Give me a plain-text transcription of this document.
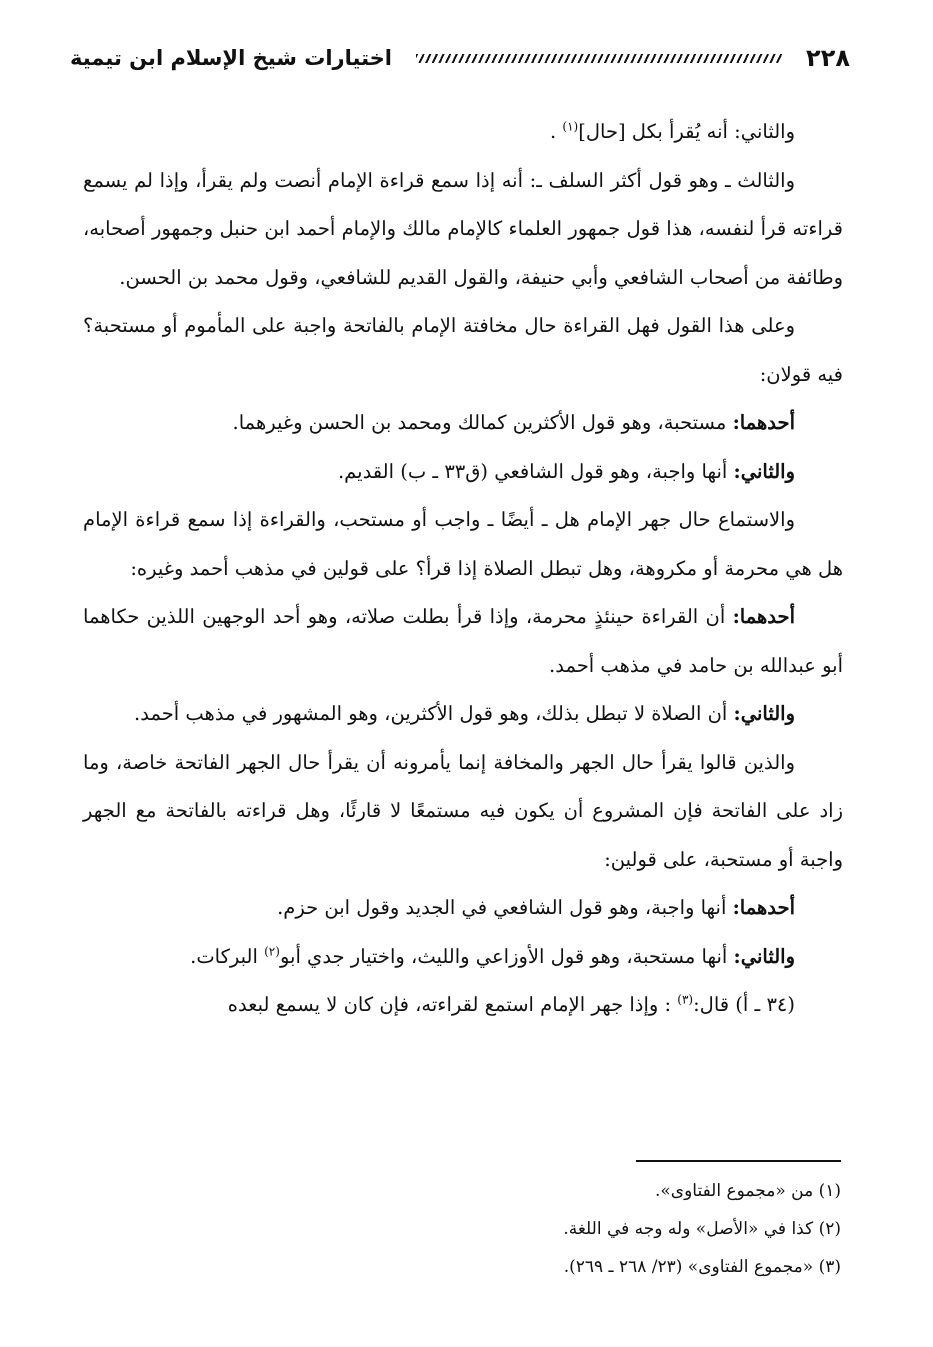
٢٢٨
اختيارات شيخ الإسلام ابن تيمية

والثاني: أنه يُقرأ بكل [حال]$^{(١)}$ .

والثالث ـ وهو قول أكثر السلف ـ: أنه إذا سمع قراءة الإمام أنصت ولم يقرأ، وإذا لم يسمع قراءته قرأ لنفسه، هذا قول جمهور العلماء كالإمام مالك والإمام أحمد ابن حنبل وجمهور أصحابه، وطائفة من أصحاب الشافعي وأبي حنيفة، والقول القديم للشافعي، وقول محمد بن الحسن.

وعلى هذا القول فهل القراءة حال مخافتة الإمام بالفاتحة واجبة على المأموم أو مستحبة؟ فيه قولان:

أحدهما: مستحبة، وهو قول الأكثرين كمالك ومحمد بن الحسن وغيرهما.

والثاني: أنها واجبة، وهو قول الشافعي (ق٣٣ ـ ب) القديم.

والاستماع حال جهر الإمام هل ـ أيضًا ـ واجب أو مستحب، والقراءة إذا سمع قراءة الإمام هل هي محرمة أو مكروهة، وهل تبطل الصلاة إذا قرأ؟ على قولين في مذهب أحمد وغيره:

أحدهما: أن القراءة حينئذٍ محرمة، وإذا قرأ بطلت صلاته، وهو أحد الوجهين اللذين حكاهما أبو عبدالله بن حامد في مذهب أحمد.

والثاني: أن الصلاة لا تبطل بذلك، وهو قول الأكثرين، وهو المشهور في مذهب أحمد.

والذين قالوا يقرأ حال الجهر والمخافة إنما يأمرونه أن يقرأ حال الجهر الفاتحة خاصة، وما زاد على الفاتحة فإن المشروع أن يكون فيه مستمعًا لا قارئًا، وهل قراءته بالفاتحة مع الجهر واجبة أو مستحبة، على قولين:

أحدهما: أنها واجبة، وهو قول الشافعي في الجديد وقول ابن حزم.

والثاني: أنها مستحبة، وهو قول الأوزاعي والليث، واختيار جدي أبو$^{(٢)}$ البركات.

(٣٤ ـ أ) قال:$^{(٣)}$ : وإذا جهر الإمام استمع لقراءته، فإن كان لا يسمع لبعده

(١) من «مجموع الفتاوى».

(٢) كذا في «الأصل» وله وجه في اللغة.

(٣) «مجموع الفتاوى» (٢٣/ ٢٦٨ ـ ٢٦٩).
